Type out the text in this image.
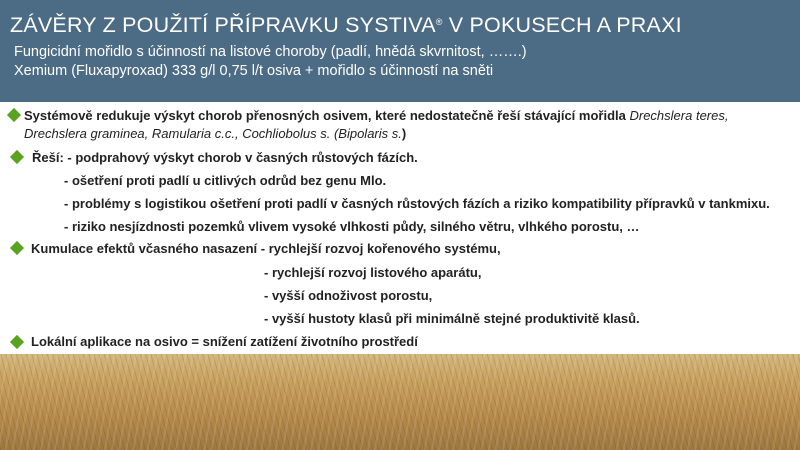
ZÁVĚRY Z POUŽITÍ PŘÍPRAVKU SYSTIVA® V POKUSECH A PRAXI
Fungicidní mořidlo s účinností na listové choroby (padlí, hnědá skvrnitost, …….)
Xemium (Fluxapyroxad) 333 g/l 0,75 l/t osiva + mořidlo s účinností na sněti
Systémově redukuje výskyt chorob přenosných osivem, které nedostatečně řeší stávající mořidla Drechslera teres,
Drechslera graminea, Ramularia c.c., Cochliobolus s. (Bipolaris s.)
Řeší: - podprahový výskyt chorob v časných růstových fázích.
- ošetření proti padlí u citlivých odrůd bez genu Mlo.
- problémy s logistikou ošetření proti padlí v časných růstových fázích a riziko kompatibility přípravků v tankmixu.
- riziko nesjízdnosti pozemků vlivem vysoké vlhkosti půdy, silného větru, vlhkého porostu, …
Kumulace efektů včasného nasazení - rychlejší rozvoj kořenového systému,
- rychlejší rozvoj listového aparátu,
- vyšší odnoživost porostu,
- vyšší hustoty klasů při minimálně stejné produktivitě klasů.
Lokální aplikace na osivo = snížení zatížení životního prostředí
